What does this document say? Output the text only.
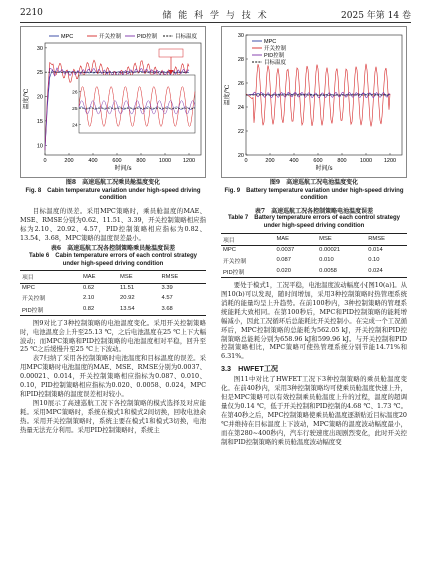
2210	储 能 科 学 与 技 术	2025 年第 14 卷
10
15
20
25
30
0	200	400	600	800 1000 1200
时间/s
温度/℃
MPC	开关控制	PID控制	目标温度
24
25
26
图8　高速巡航工况乘员舱温度变化
Fig. 8　Cabin temperature variation under high-speed driving condition

目标温度的误差。采用MPC策略时，乘员舱温度的MAE、MSE、RMSE分别为0.62、11.51、3.39，开关控制策略相应指标为2.10、20.92、4.57，PID控制策略相应指标为0.82、13.54、3.68，MPC策略的温度误差最小。

表6　高速巡航工况各控制策略乘员舱温度误差
Table 6　Cabin temperature errors of each control strategy under high-speed driving condition
项目	MAE	MSE	RMSE
MPC	0.62	11.51	3.39
开关控制	2.10	20.92	4.57
PID控制	0.82	13.54	3.68

图9对比了3种控制策略的电池温度变化。采用开关控制策略时，电池温度会上升至25.13 ℃，之后电池温度在25 ℃上下大幅波动；而MPC策略和PID控制策略的电池温度相对平稳，回升至25 ℃之后缓慢升至25 ℃上下波动。

表7归纳了采用各控制策略时电池温度和目标温度的误差。采用MPC策略时电池温度的MAE、MSE、RMSE分别为0.0037、0.00021、0.014，开关控制策略相应指标为0.087、0.010、0.10，PID控制策略相应指标为0.020、0.0058、0.024，MPC和PID控制策略的温度误差相对较小。

图10展示了高速巡航工况下各控制策略的模式选择及对应能耗。采用MPC策略时，系统在模式1和模式2间切换，回收电池余热。采用开关控制策略时，系统主要在模式1和模式3切换，电池热量无法充分利用。采用PID控制策略时，系统主

20
22
24
26
28
30
0	200	400	600	800 1000 1200
时间/s
温度/℃
MPC
开关控制
PID控制
目标温度
图9　高速巡航工况电池温度变化
Fig. 9　Battery temperature variation under high-speed driving condition
表7　高速巡航工况各控制策略电池温度误差
Table 7　Battery temperature errors of each control strategy under high-speed driving condition
项目	MAE	MSE	RMSE
MPC	0.0037	0.00021	0.014
开关控制	0.087	0.010	0.10
PID控制	0.020	0.0058	0.024

要处于模式1，工况平稳，电池温度波动幅度小[图10(a)]。从图10(b)可以发现，随时间增加，采用3种控制策略时热管理系统消耗的能量均呈上升趋势。在前100秒内，3种控制策略的管理系统能耗大致相同。在第100秒后，MPC和PID控制策略的能耗增幅减小，因此工况循环后总能耗比开关控制小。在完成一个工况循环后，MPC控制策略的总能耗为562.05 kJ，开关控制和PID控制策略总能耗分别为658.96 kJ和599.96 kJ。与开关控制和PID控制策略相比，MPC策略可使热管理系统分别节能14.71%和6.31%。

3.3　HWFET工况

图11中对比了HWFET工况下3种控制策略的乘员舱温度变化。在前40秒内，采用3种控制策略均可使乘员舱温度快速上升，但是MPC策略可以有效控制乘员舱温度上升的过程，温度的超调量仅为0.14 ℃，低于开关控制和PID控制的4.68 ℃、1.73 ℃。在第40秒之后，MPC控制策略使乘员舱温度逐渐贴近目标温度20 ℃并维持在目标温度上下波动，MPC策略的温度波动幅度最小，而在第280~400秒内，汽车行驶速度出现剧烈变化，此时开关控制和PID控制策略的乘员舱温度波动幅度变
